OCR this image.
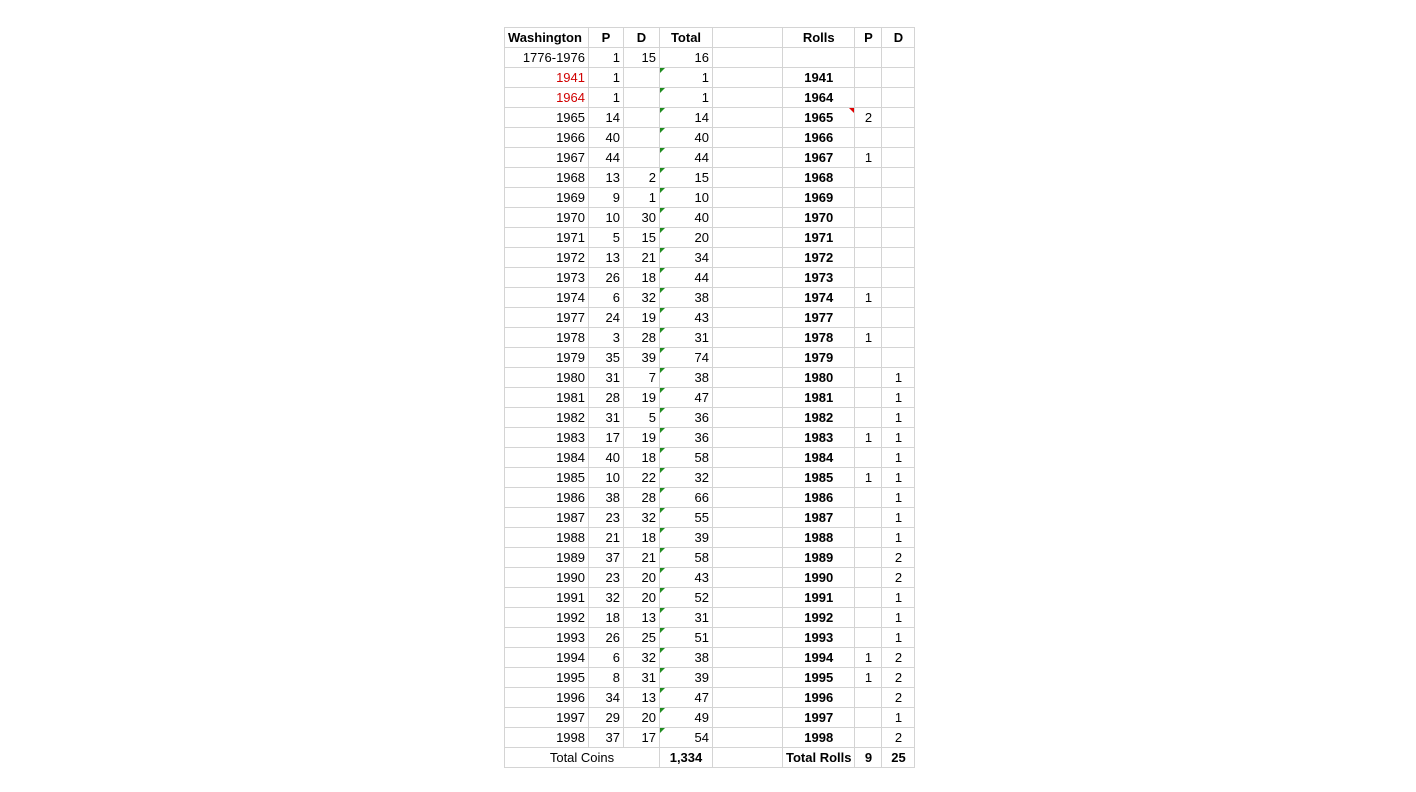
Washington	P	D	Total		Rolls	P	D
1776-1976	1	15	16				
1941	1		1		1941		
1964	1		1		1964		
1965	14		14		1965	2	
1966	40		40		1966		
1967	44		44		1967	1	
1968	13	2	15		1968		
1969	9	1	10		1969		
1970	10	30	40		1970		
1971	5	15	20		1971		
1972	13	21	34		1972		
1973	26	18	44		1973		
1974	6	32	38		1974	1	
1977	24	19	43		1977		
1978	3	28	31		1978	1	
1979	35	39	74		1979		
1980	31	7	38		1980		1
1981	28	19	47		1981		1
1982	31	5	36		1982		1
1983	17	19	36		1983	1	1
1984	40	18	58		1984		1
1985	10	22	32		1985	1	1
1986	38	28	66		1986		1
1987	23	32	55		1987		1
1988	21	18	39		1988		1
1989	37	21	58		1989		2
1990	23	20	43		1990		2
1991	32	20	52		1991		1
1992	18	13	31		1992		1
1993	26	25	51		1993		1
1994	6	32	38		1994	1	2
1995	8	31	39		1995	1	2
1996	34	13	47		1996		2
1997	29	20	49		1997		1
1998	37	17	54		1998		2
Total Coins			1,334		Total Rolls	9	25
